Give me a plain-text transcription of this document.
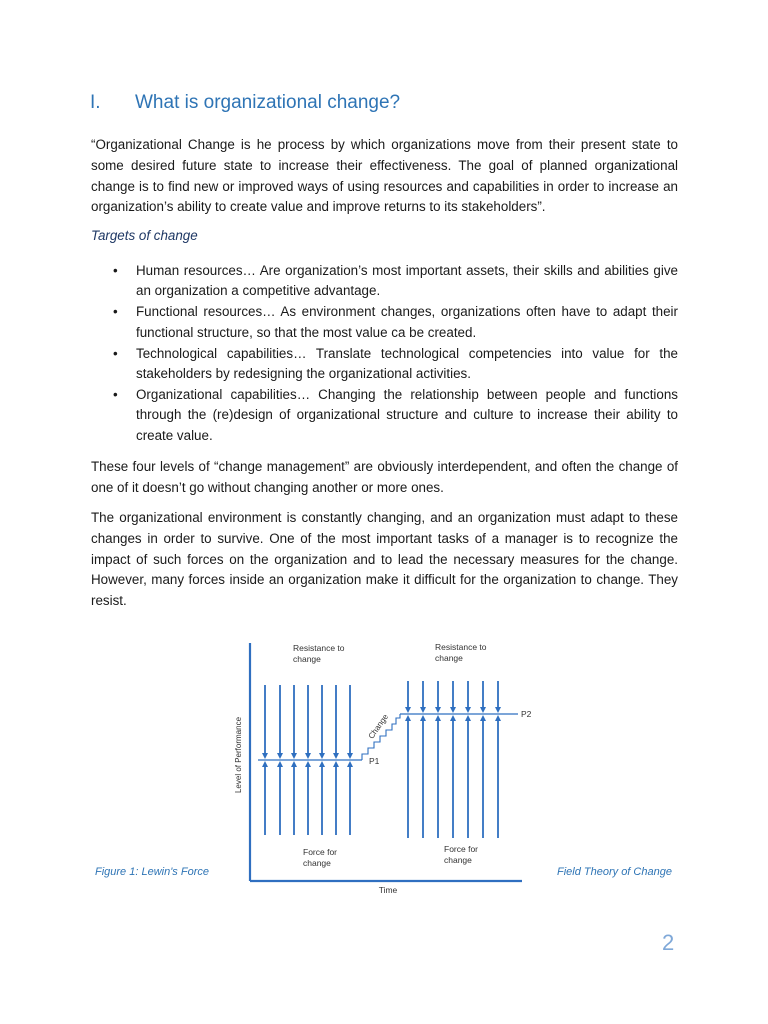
I. What is organizational change?

“Organizational Change is he process by which organizations move from their present state to some desired future state to increase their effectiveness. The goal of planned organizational change is to find new or improved ways of using resources and capabilities in order to increase an organization’s ability to create value and improve returns to its stakeholders”.

Targets of change

• Human resources… Are organization’s most important assets, their skills and abilities give an organization a competitive advantage.
• Functional resources… As environment changes, organizations often have to adapt their functional structure, so that the most value ca be created.
• Technological capabilities… Translate technological competencies into value for the stakeholders by redesigning the organizational activities.
• Organizational capabilities… Changing the relationship between people and functions through the (re)design of organizational structure and culture to increase their ability to create value.

These four levels of “change management” are obviously interdependent, and often the change of one of it doesn’t go without changing another or more ones.

The organizational environment is constantly changing, and an organization must adapt to these changes in order to survive. One of the most important tasks of a manager is to recognize the impact of such forces on the organization and to lead the necessary measures for the change. However, many forces inside an organization make it difficult for the organization to change. They resist.

Resistance to
change
Resistance to
change
Force for
change
Force for
change
Change
P1
P2
Level of Performance
Time
Figure 1: Lewin's Force	Field Theory of Change
2
